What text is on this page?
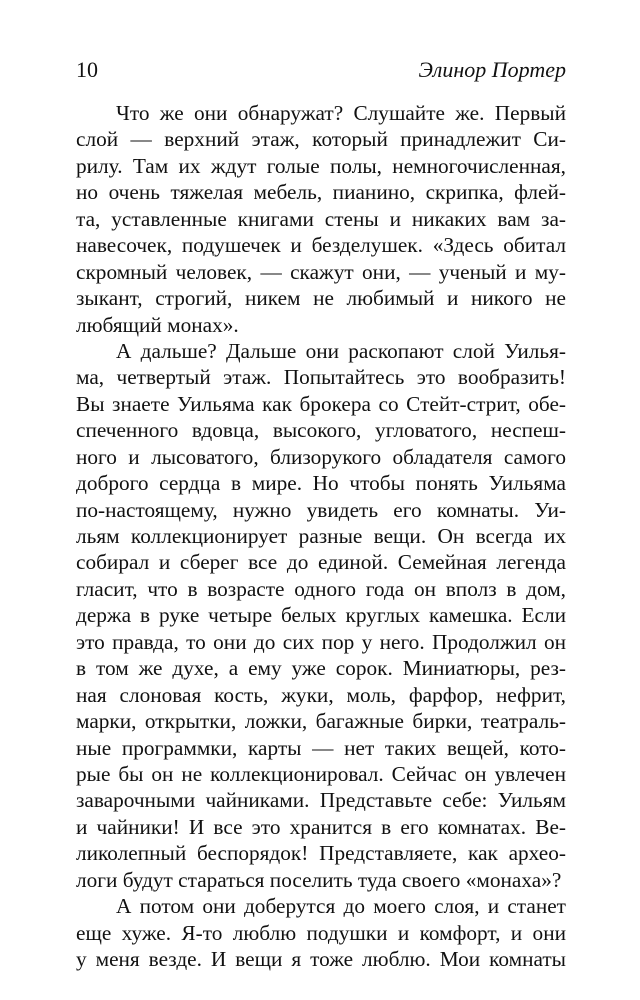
10	Элинор Портер
Что же они обнаружат? Слушайте же. Первый
слой — верхний этаж, который принадлежит Си-
рилу. Там их ждут голые полы, немногочисленная,
но очень тяжелая мебель, пианино, скрипка, флей-
та, уставленные книгами стены и никаких вам за-
навесочек, подушечек и безделушек. «Здесь обитал
скромный человек, — скажут они, — ученый и му-
зыкант, строгий, никем не любимый и никого не
любящий монах».
А дальше? Дальше они раскопают слой Уилья-
ма, четвертый этаж. Попытайтесь это вообразить!
Вы знаете Уильяма как брокера со Стейт-стрит, обе-
спеченного вдовца, высокого, угловатого, неспеш-
ного и лысоватого, близорукого обладателя самого
доброго сердца в мире. Но чтобы понять Уильяма
по-настоящему, нужно увидеть его комнаты. Уи-
льям коллекционирует разные вещи. Он всегда их
собирал и сберег все до единой. Семейная легенда
гласит, что в возрасте одного года он вполз в дом,
держа в руке четыре белых круглых камешка. Если
это правда, то они до сих пор у него. Продолжил он
в том же духе, а ему уже сорок. Миниатюры, рез-
ная слоновая кость, жуки, моль, фарфор, нефрит,
марки, открытки, ложки, багажные бирки, театраль-
ные программки, карты — нет таких вещей, кото-
рые бы он не коллекционировал. Сейчас он увлечен
заварочными чайниками. Представьте себе: Уильям
и чайники! И все это хранится в его комнатах. Ве-
ликолепный беспорядок! Представляете, как архео-
логи будут стараться поселить туда своего «монаха»?
А потом они доберутся до моего слоя, и станет
еще хуже. Я-то люблю подушки и комфорт, и они
у меня везде. И вещи я тоже люблю. Мои комнаты
